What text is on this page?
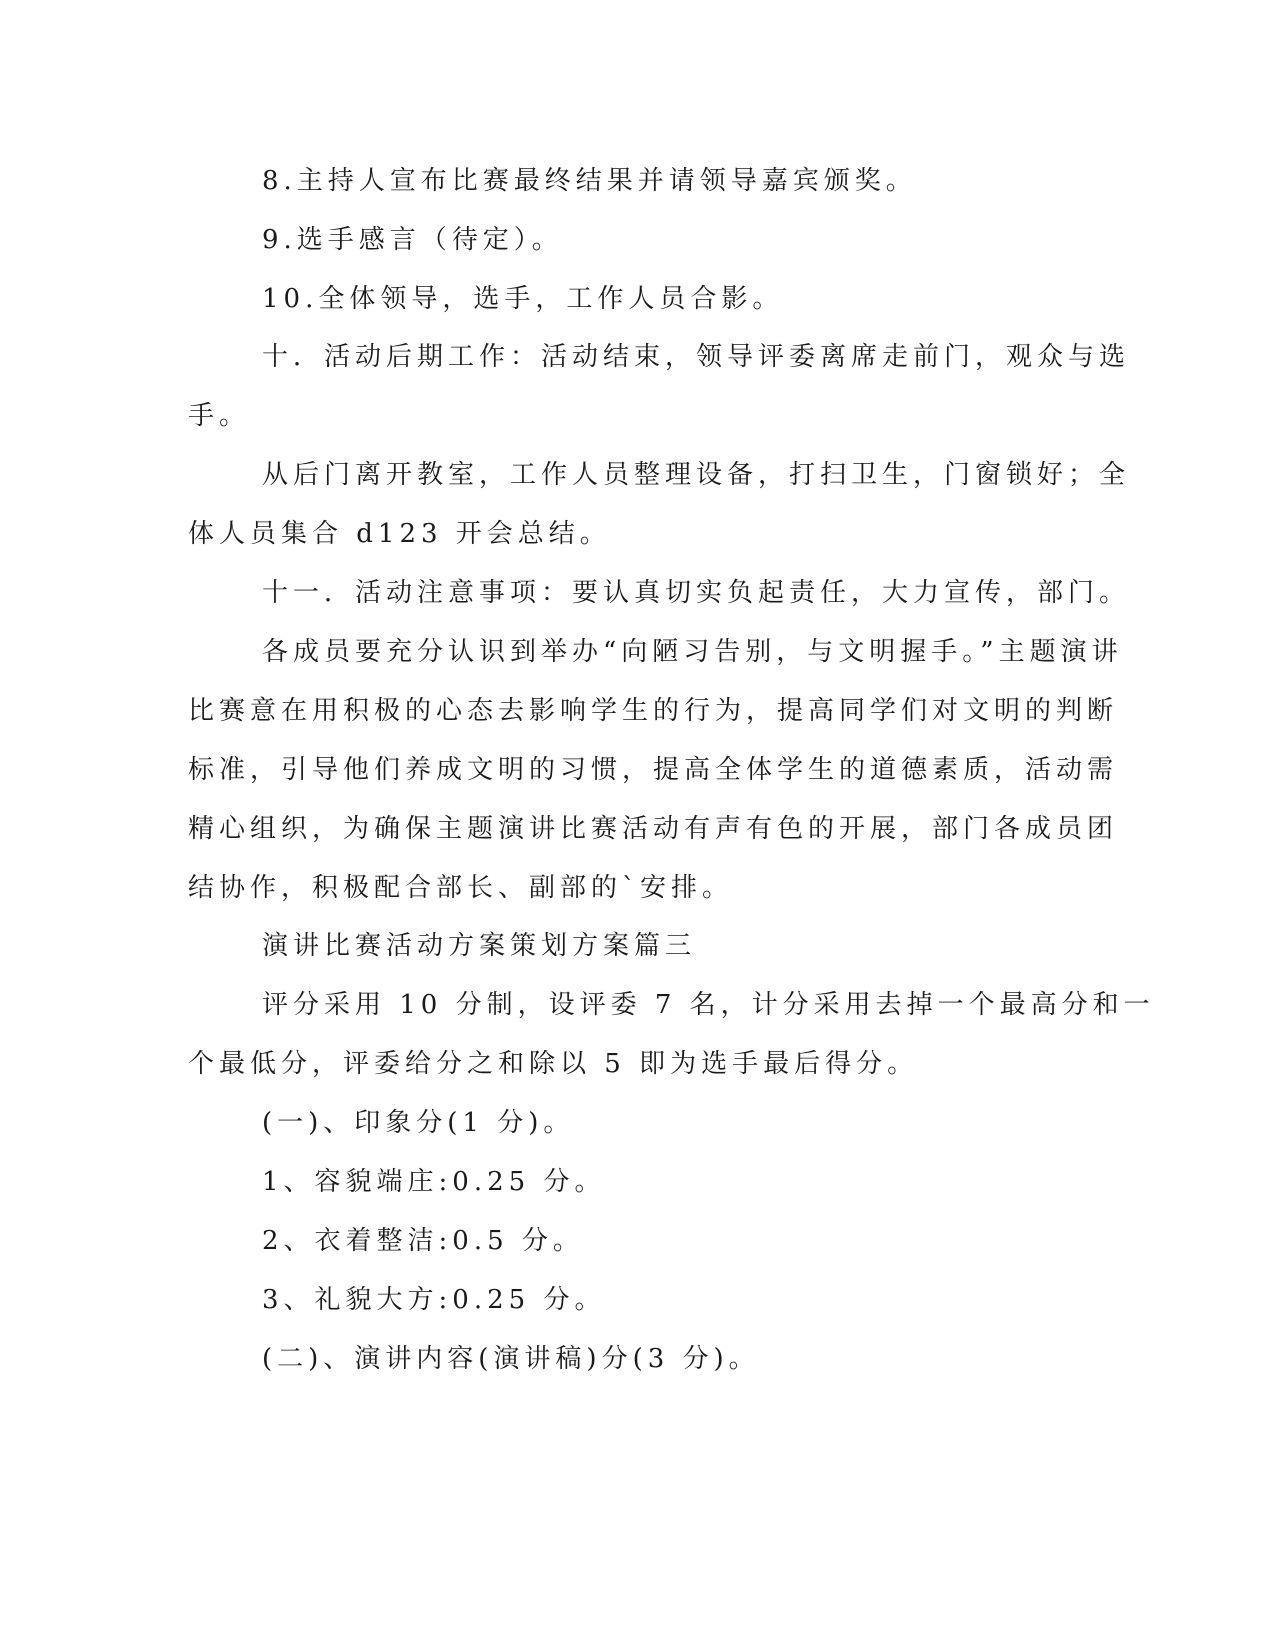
8.主持人宣布比赛最终结果并请领导嘉宾颁奖。
9.选手感言（待定）。
10.全体领导，选手，工作人员合影。
十．活动后期工作：活动结束，领导评委离席走前门，观众与选
手。
从后门离开教室，工作人员整理设备，打扫卫生，门窗锁好；全
体人员集合 d123 开会总结。
十一．活动注意事项：要认真切实负起责任，大力宣传，部门。
各成员要充分认识到举办“向陋习告别，与文明握手。”主题演讲
比赛意在用积极的心态去影响学生的行为，提高同学们对文明的判断
标准，引导他们养成文明的习惯，提高全体学生的道德素质，活动需
精心组织，为确保主题演讲比赛活动有声有色的开展，部门各成员团
结协作，积极配合部长、副部的`安排。
演讲比赛活动方案策划方案篇三
评分采用 10 分制，设评委 7 名，计分采用去掉一个最高分和一
个最低分，评委给分之和除以 5 即为选手最后得分。
(一)、印象分(1 分)。
1、容貌端庄:0.25 分。
2、衣着整洁:0.5 分。
3、礼貌大方:0.25 分。
(二)、演讲内容(演讲稿)分(3 分)。
